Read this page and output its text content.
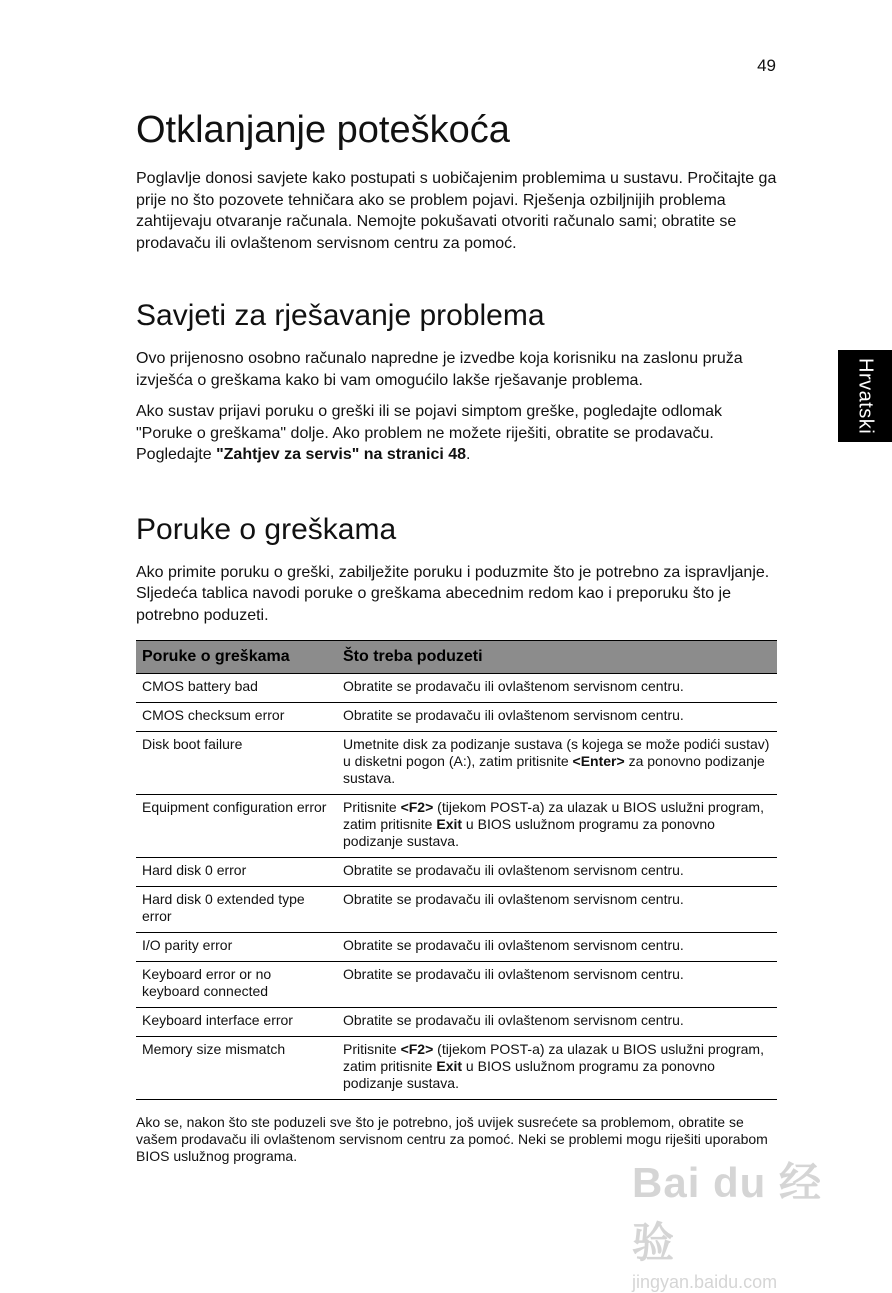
49
Hrvatski
Otklanjanje poteškoća

Poglavlje donosi savjete kako postupati s uobičajenim problemima u sustavu. Pročitajte ga prije no što pozovete tehničara ako se problem pojavi. Rješenja ozbiljnijih problema zahtijevaju otvaranje računala. Nemojte pokušavati otvoriti računalo sami; obratite se prodavaču ili ovlaštenom servisnom centru za pomoć.

Savjeti za rješavanje problema

Ovo prijenosno osobno računalo napredne je izvedbe koja korisniku na zaslonu pruža izvješća o greškama kako bi vam omogućilo lakše rješavanje problema.

Ako sustav prijavi poruku o greški ili se pojavi simptom greške, pogledajte odlomak "Poruke o greškama" dolje. Ako problem ne možete riješiti, obratite se prodavaču. Pogledajte "Zahtjev za servis" na stranici 48.

Poruke o greškama

Ako primite poruku o greški, zabilježite poruku i poduzmite što je potrebno za ispravljanje. Sljedeća tablica navodi poruke o greškama abecednim redom kao i preporuku što je potrebno poduzeti.

Poruke o greškama	Što treba poduzeti
CMOS battery bad	Obratite se prodavaču ili ovlaštenom servisnom centru.
CMOS checksum error	Obratite se prodavaču ili ovlaštenom servisnom centru.
Disk boot failure	Umetnite disk za podizanje sustava (s kojega se može podići sustav) u disketni pogon (A:), zatim pritisnite <Enter> za ponovno podizanje sustava.
Equipment configuration error	Pritisnite <F2> (tijekom POST-a) za ulazak u BIOS uslužni program, zatim pritisnite Exit u BIOS uslužnom programu za ponovno podizanje sustava.
Hard disk 0 error	Obratite se prodavaču ili ovlaštenom servisnom centru.
Hard disk 0 extended type error	Obratite se prodavaču ili ovlaštenom servisnom centru.
I/O parity error	Obratite se prodavaču ili ovlaštenom servisnom centru.
Keyboard error or no keyboard connected	Obratite se prodavaču ili ovlaštenom servisnom centru.
Keyboard interface error	Obratite se prodavaču ili ovlaštenom servisnom centru.
Memory size mismatch	Pritisnite <F2> (tijekom POST-a) za ulazak u BIOS uslužni program, zatim pritisnite Exit u BIOS uslužnom programu za ponovno podizanje sustava.

Ako se, nakon što ste poduzeli sve što je potrebno, još uvijek susrećete sa problemom, obratite se vašem prodavaču ili ovlaštenom servisnom centru za pomoć. Neki se problemi mogu riješiti uporabom BIOS uslužnog programa.

Bai du 经验
jingyan.baidu.com
